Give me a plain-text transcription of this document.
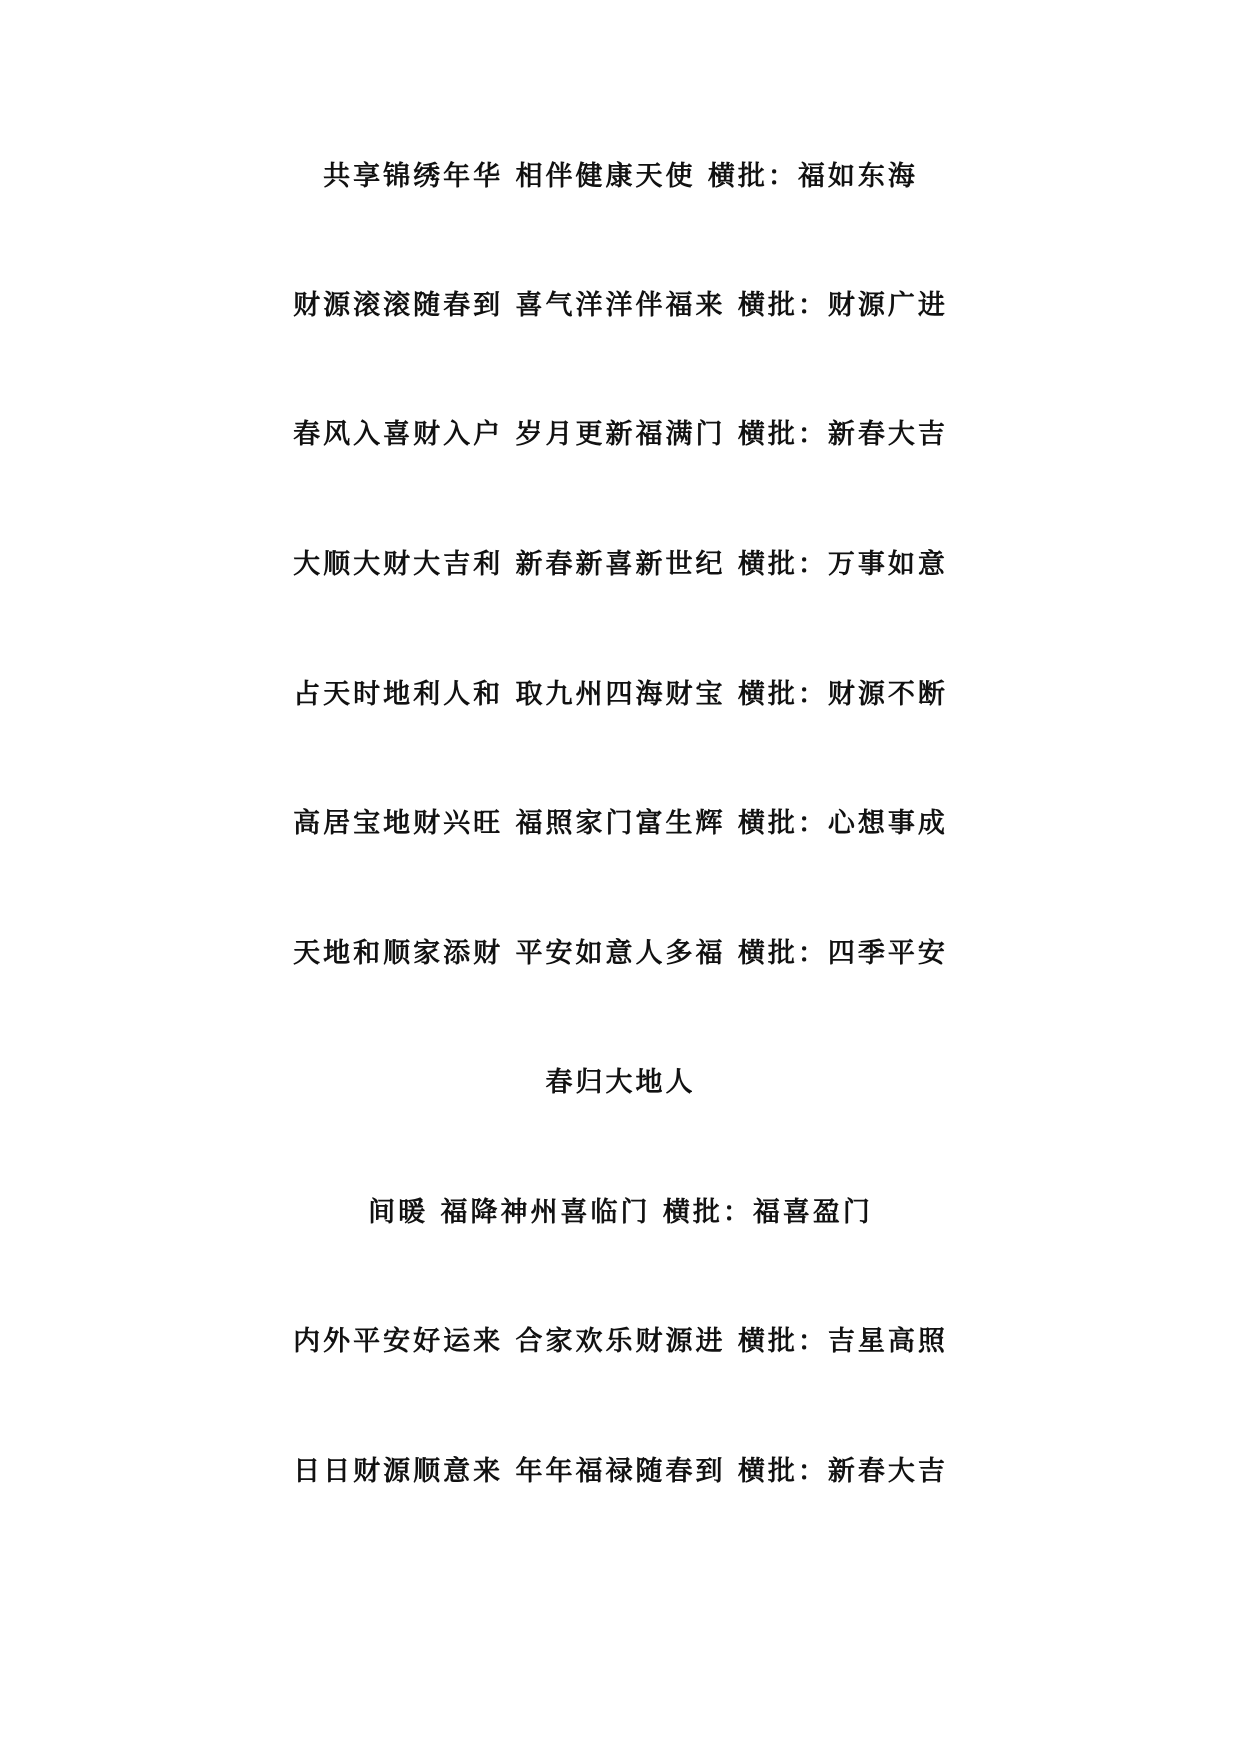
共享锦绣年华 相伴健康天使 横批：福如东海
财源滚滚随春到 喜气洋洋伴福来 横批：财源广进
春风入喜财入户 岁月更新福满门 横批：新春大吉
大顺大财大吉利 新春新喜新世纪 横批：万事如意
占天时地利人和 取九州四海财宝 横批：财源不断
高居宝地财兴旺 福照家门富生辉 横批：心想事成
天地和顺家添财 平安如意人多福 横批：四季平安
春归大地人
间暖 福降神州喜临门 横批：福喜盈门
内外平安好运来 合家欢乐财源进 横批：吉星高照
日日财源顺意来 年年福禄随春到 横批：新春大吉
